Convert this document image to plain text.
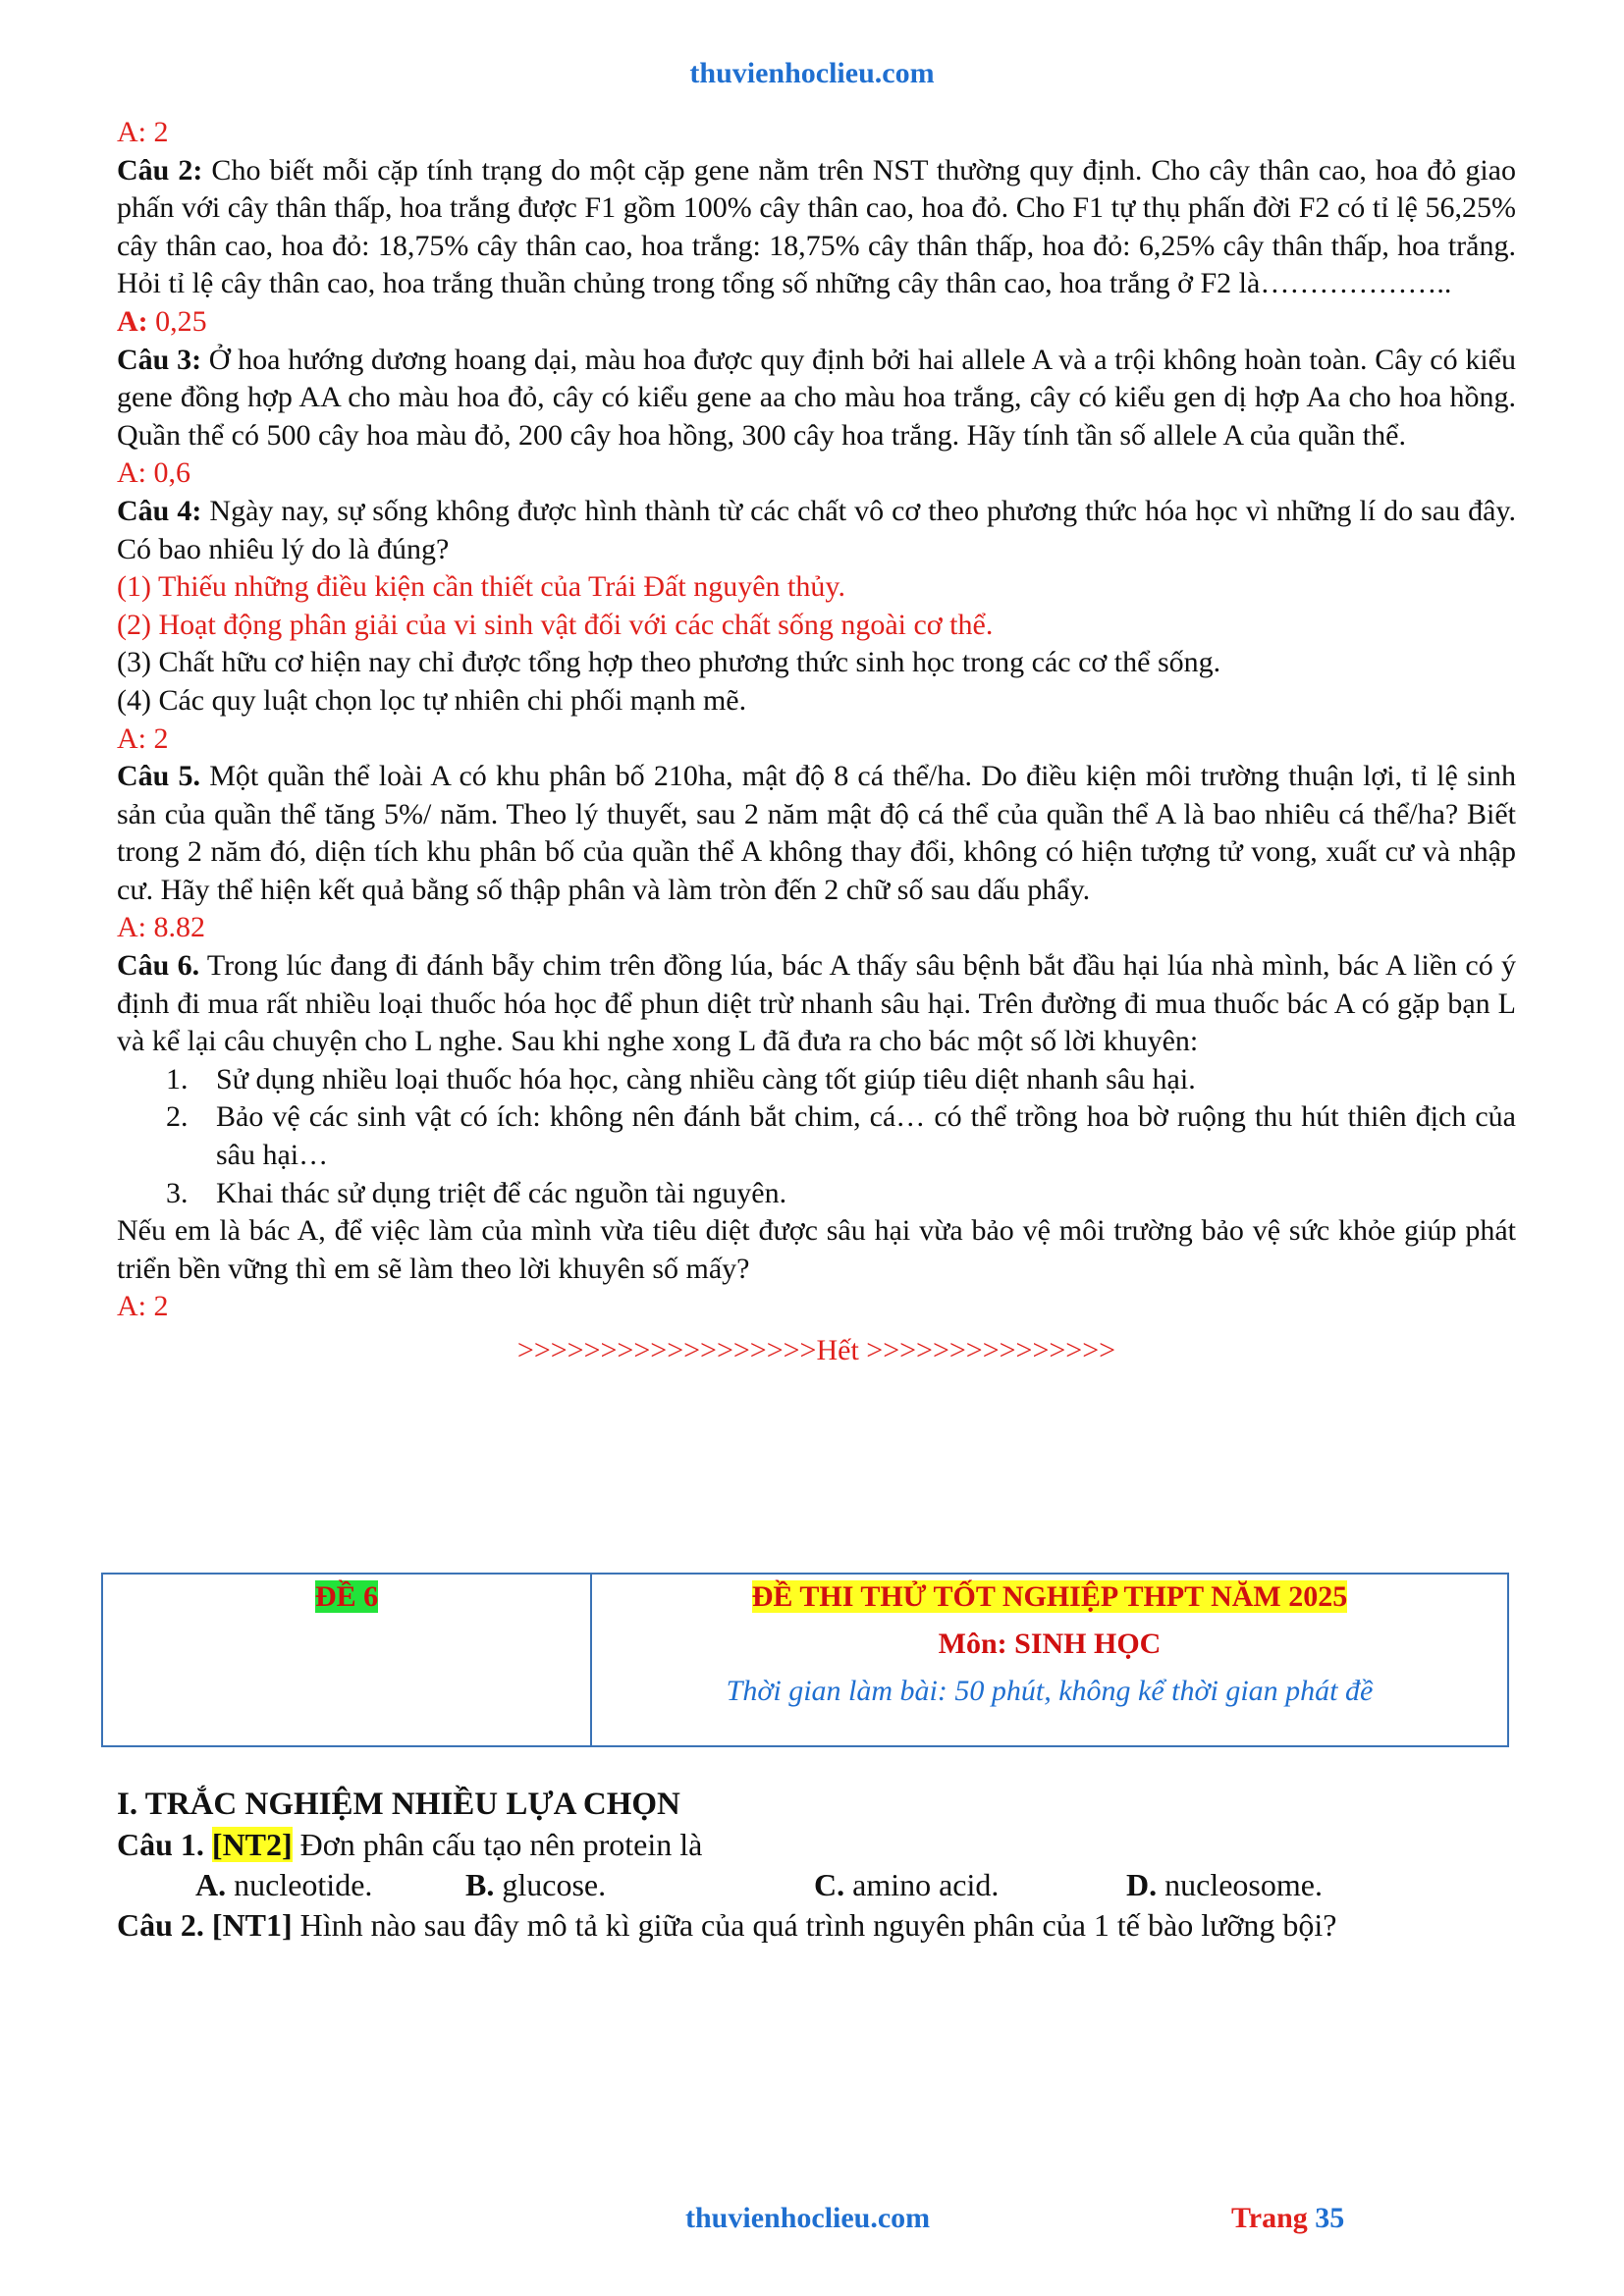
thuvienhoclieu.com

A: 2

Câu 2: Cho biết mỗi cặp tính trạng do một cặp gene nằm trên NST thường quy định. Cho cây thân cao, hoa đỏ giao phấn với cây thân thấp, hoa trắng được F1 gồm 100% cây thân cao, hoa đỏ. Cho F1 tự thụ phấn đời F2 có tỉ lệ 56,25% cây thân cao, hoa đỏ: 18,75% cây thân cao, hoa trắng: 18,75% cây thân thấp, hoa đỏ: 6,25% cây thân thấp, hoa trắng. Hỏi tỉ lệ cây thân cao, hoa trắng thuần chủng trong tổng số những cây thân cao, hoa trắng ở F2 là………………..

A: 0,25

Câu 3: Ở hoa hướng dương hoang dại, màu hoa được quy định bởi hai allele A và a trội không hoàn toàn. Cây có kiểu gene đồng hợp AA cho màu hoa đỏ, cây có kiểu gene aa cho màu hoa trắng, cây có kiểu gen dị hợp Aa cho hoa hồng. Quần thể có 500 cây hoa màu đỏ, 200 cây hoa hồng, 300 cây hoa trắng. Hãy tính tần số allele A của quần thể.

A: 0,6

Câu 4: Ngày nay, sự sống không được hình thành từ các chất vô cơ theo phương thức hóa học vì những lí do sau đây. Có bao nhiêu lý do là đúng?

(1) Thiếu những điều kiện cần thiết của Trái Đất nguyên thủy.

(2) Hoạt động phân giải của vi sinh vật đối với các chất sống ngoài cơ thể.

(3) Chất hữu cơ hiện nay chỉ được tổng hợp theo phương thức sinh học trong các cơ thể sống.

(4) Các quy luật chọn lọc tự nhiên chi phối mạnh mẽ.

A: 2

Câu 5. Một quần thể loài A có khu phân bố 210ha, mật độ 8 cá thể/ha. Do điều kiện môi trường thuận lợi, tỉ lệ sinh sản của quần thể tăng 5%/ năm. Theo lý thuyết, sau 2 năm mật độ cá thể của quần thể A là bao nhiêu cá thể/ha? Biết trong 2 năm đó, diện tích khu phân bố của quần thể A không thay đổi, không có hiện tượng tử vong, xuất cư và nhập cư. Hãy thể hiện kết quả bằng số thập phân và làm tròn đến 2 chữ số sau dấu phẩy.

A: 8.82

Câu 6. Trong lúc đang đi đánh bẫy chim trên đồng lúa, bác A thấy sâu bệnh bắt đầu hại lúa nhà mình, bác A liền có ý định đi mua rất nhiều loại thuốc hóa học để phun diệt trừ nhanh sâu hại. Trên đường đi mua thuốc bác A có gặp bạn L và kể lại câu chuyện cho L nghe. Sau khi nghe xong L đã đưa ra cho bác một số lời khuyên:

1. Sử dụng nhiều loại thuốc hóa học, càng nhiều càng tốt giúp tiêu diệt nhanh sâu hại.
2. Bảo vệ các sinh vật có ích: không nên đánh bắt chim, cá… có thể trồng hoa bờ ruộng thu hút thiên địch của sâu hại…
3. Khai thác sử dụng triệt để các nguồn tài nguyên.

Nếu em là bác A, để việc làm của mình vừa tiêu diệt được sâu hại vừa bảo vệ môi trường bảo vệ sức khỏe giúp phát triển bền vững thì em sẽ làm theo lời khuyên số mấy?

A: 2

>>>>>>>>>>>>>>>>>>Hết >>>>>>>>>>>>>>>

ĐỀ 6	ĐỀ THI THỬ TỐT NGHIỆP THPT NĂM 2025
Môn: SINH HỌC
Thời gian làm bài: 50 phút, không kể thời gian phát đề

I. TRẮC NGHIỆM NHIỀU LỰA CHỌN

Câu 1. [NT2] Đơn phân cấu tạo nên protein là

A. nucleotide.	B. glucose.	C. amino acid.	D. nucleosome.

Câu 2. [NT1] Hình nào sau đây mô tả kì giữa của quá trình nguyên phân của 1 tế bào lưỡng bội?

thuvienhoclieu.com	Trang 35
